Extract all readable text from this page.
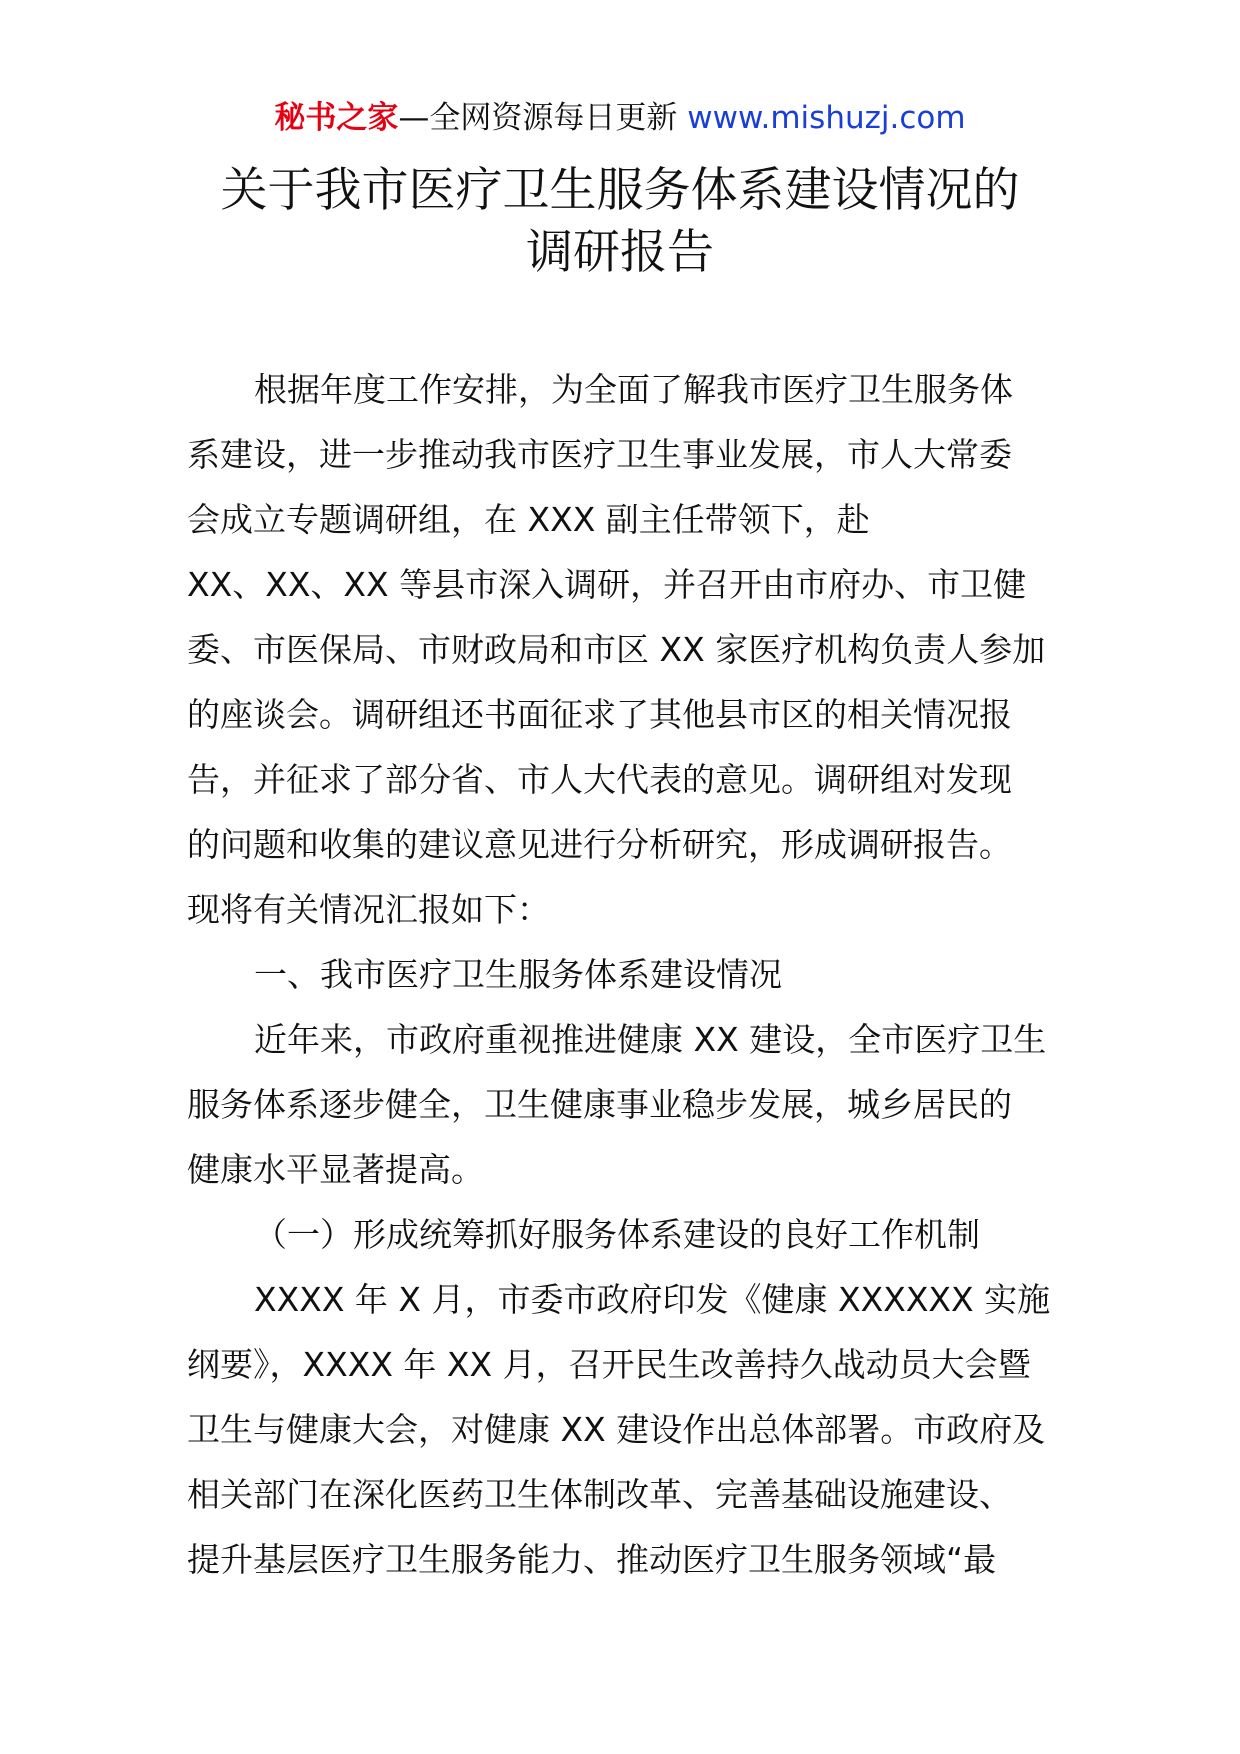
秘书之家—全网资源每日更新 www.mishuzj.com
关于我市医疗卫生服务体系建设情况的
调研报告
根据年度工作安排，为全面了解我市医疗卫生服务体
系建设，进一步推动我市医疗卫生事业发展，市人大常委
会成立专题调研组，在 XXX 副主任带领下，赴
XX、XX、XX 等县市深入调研，并召开由市府办、市卫健
委、市医保局、市财政局和市区 XX 家医疗机构负责人参加
的座谈会。调研组还书面征求了其他县市区的相关情况报
告，并征求了部分省、市人大代表的意见。调研组对发现
的问题和收集的建议意见进行分析研究，形成调研报告。
现将有关情况汇报如下：
一、我市医疗卫生服务体系建设情况
近年来，市政府重视推进健康 XX 建设，全市医疗卫生
服务体系逐步健全，卫生健康事业稳步发展，城乡居民的
健康水平显著提高。
（一）形成统筹抓好服务体系建设的良好工作机制
XXXX 年 X 月，市委市政府印发《健康 XXXXXX 实施
纲要》，XXXX 年 XX 月，召开民生改善持久战动员大会暨
卫生与健康大会，对健康 XX 建设作出总体部署。市政府及
相关部门在深化医药卫生体制改革、完善基础设施建设、
提升基层医疗卫生服务能力、推动医疗卫生服务领域“最
